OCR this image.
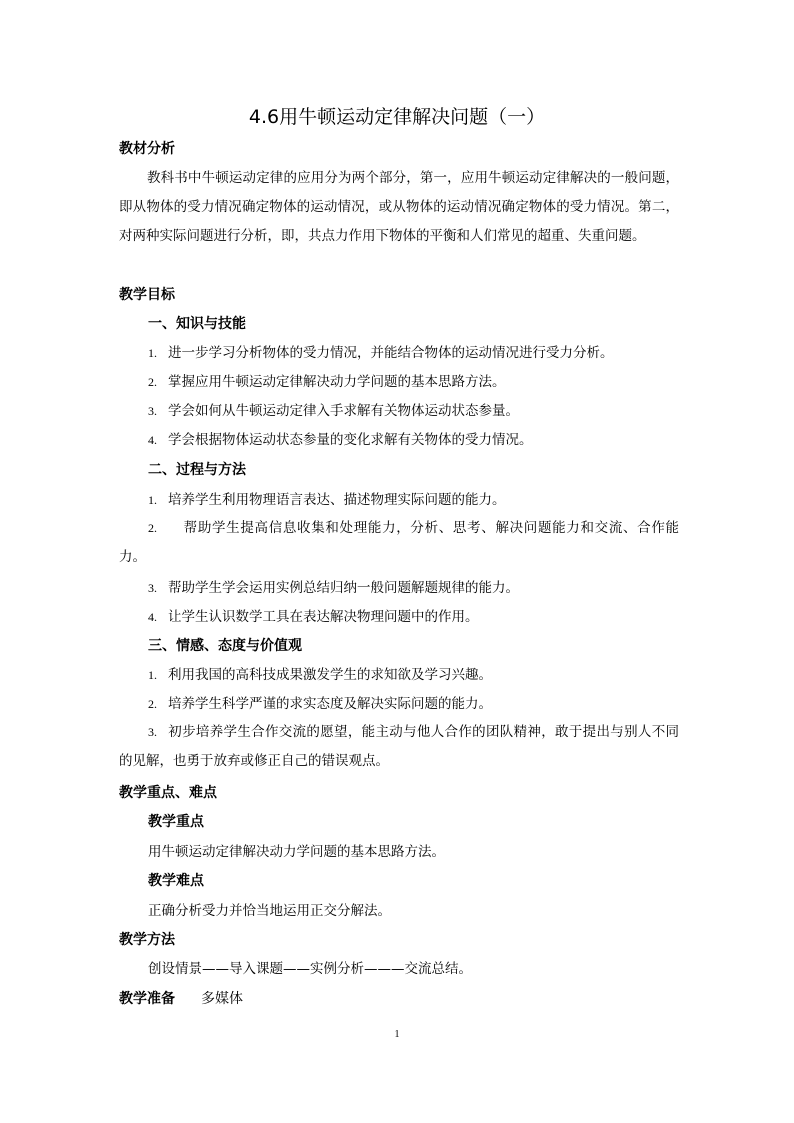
4.6用牛顿运动定律解决问题（一）
教材分析
教科书中牛顿运动定律的应用分为两个部分，第一，应用牛顿运动定律解决的一般问题，即从物体的受力情况确定物体的运动情况，或从物体的运动情况确定物体的受力情况。第二，对两种实际问题进行分析，即，共点力作用下物体的平衡和人们常见的超重、失重问题。
教学目标
一、知识与技能
1. 进一步学习分析物体的受力情况，并能结合物体的运动情况进行受力分析。
2. 掌握应用牛顿运动定律解决动力学问题的基本思路方法。
3. 学会如何从牛顿运动定律入手求解有关物体运动状态参量。
4. 学会根据物体运动状态参量的变化求解有关物体的受力情况。
二、过程与方法
1. 培养学生利用物理语言表达、描述物理实际问题的能力。
2. 帮助学生提高信息收集和处理能力，分析、思考、解决问题能力和交流、合作能力。
3. 帮助学生学会运用实例总结归纳一般问题解题规律的能力。
4. 让学生认识数学工具在表达解决物理问题中的作用。
三、情感、态度与价值观
1. 利用我国的高科技成果激发学生的求知欲及学习兴趣。
2. 培养学生科学严谨的求实态度及解决实际问题的能力。
3. 初步培养学生合作交流的愿望，能主动与他人合作的团队精神，敢于提出与别人不同的见解，也勇于放弃或修正自己的错误观点。
教学重点、难点
教学重点
用牛顿运动定律解决动力学问题的基本思路方法。
教学难点
正确分析受力并恰当地运用正交分解法。
教学方法
创设情景——导入课题——实例分析———交流总结。
教学准备 多媒体
1
